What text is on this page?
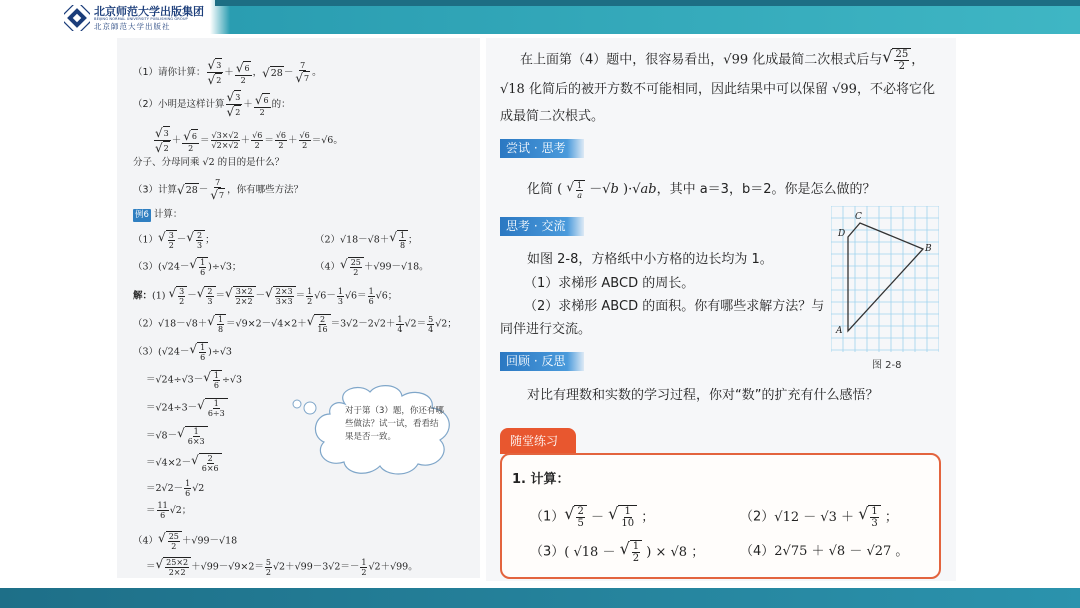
北京师范大学出版集团
BEIJING NORMAL UNIVERSITY PUBLISHING GROUP
北京師范大学出版社
（1）请你计算： $\frac{√ 3}{√ 2} + \frac{√ 6}{2}$ ， √ $28 - \frac{7}{√ 7}$ 。
（2）小明是这样计算 $\frac{√ 3}{√ 2} + \frac{√ 6}{2}$ 的：
$\frac{√ 3}{√ 2} + \frac{√ 6}{2} = \frac{√3\times√2}{√2\times√2} + \frac{√6}{2} = \frac{√6}{2} + \frac{√6}{2} =√6$。
分子、分母同乘 √2 的目的是什么？
（3）计算 √ $28 - \frac{7}{√ 7}$ ，你有哪些方法？
例6 计算：
（1） √ 3
2 － √ 2
3 ；	（2）√18－√8＋ √ 1
8 ；
（3）(√24－ √ 1
6 )÷√3；	（4） √ 25
2 ＋√99－√18。
解：(1) √ 3
2 － √ 2
3 ＝ √ 3×2
2×2 － √ 2×3
$3\times 3 = \frac{1}{2} √6- \frac{1}{3} √6= \frac{1}{6} √6$；
（2）√18－√8＋ √ 1
8 ＝√9×2－√4×2＋ √ 2
$16 =3√2-2√2+ \frac{1}{4} √2= \frac{5}{4} √2$；
（3）(√24－ √ 1
6 )÷√3
＝√24÷√3－ √ 1
6 ÷√3
＝√24÷3－ √ 1
6÷3
＝√8－ √ 1
6×3
＝√4×2－ √ 2
6×6
$=2√2- \frac{1}{6} √2$
＝ $\frac{11}{6} √2$；
（4） √ 25
2 ＋√99－√18
＝ √ 25×2
$2\times 2 +√99-√9\times 2= \frac{5}{2} √2+√99-3√2=- \frac{1}{2} √2+√99$。
对于第（3）题，你还有哪些做法？试一试，看看结果是否一致。
在上面第（4）题中，很容易看出，√99 化成最简二次根式后与 √ 25
2 ，
√18 化简后的被开方数不可能相同，因此结果中可以保留 √99，不必将它化
成最简二次根式。
尝试 · 思考
化简 ( √ 1
a －√b )·√ab，其中 a＝3，b＝2。你是怎么做的？
思考 · 交流
如图 2-8，方格纸中小方格的边长均为 1。
（1）求梯形 ABCD 的周长。
（2）求梯形 ABCD 的面积。你有哪些求解方法？与
同伴进行交流。
C
D
B
A
图 2-8
回顾 · 反思
对比有理数和实数的学习过程，你对“数”的扩充有什么感悟？
随堂练习
1. 计算：
（1） √ 2
5 － √ 1
10 ；	（2）√12 － √3 ＋ √ 1
3 ；
（3）( √18 － √ 1
2 ) × √8 ；	（4）2√75 ＋ √8 － √27 。
